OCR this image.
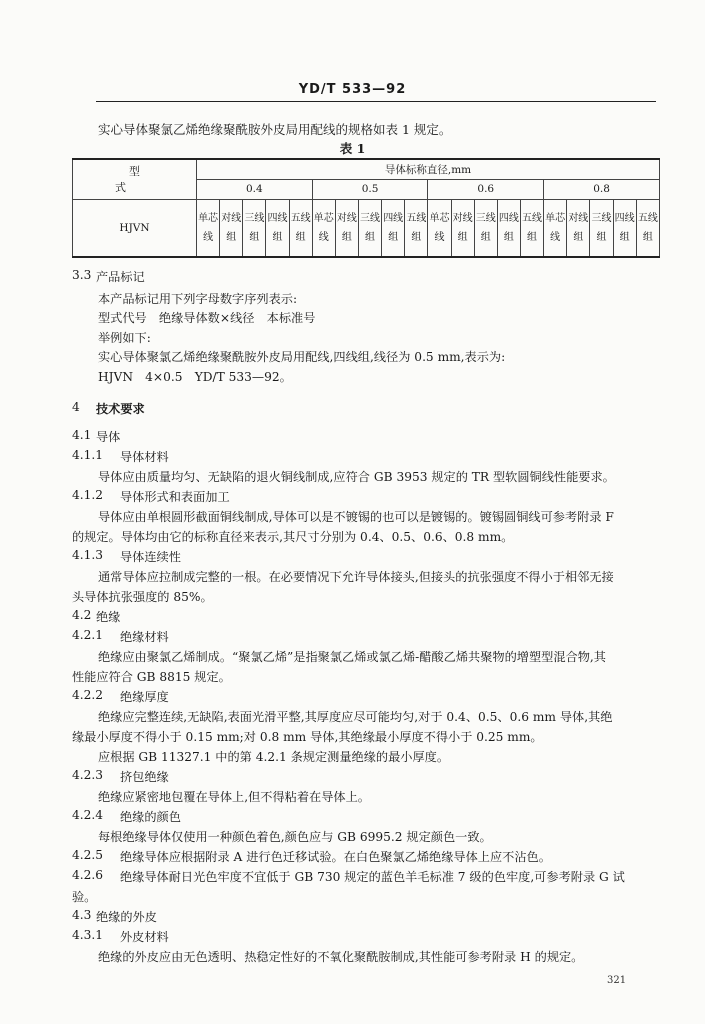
YD/T 533—92
实心导体聚氯乙烯绝缘聚酰胺外皮局用配线的规格如表 1 规定。
表 1
型　式	导体标称直径,mm																			
	0.4					0.5					0.6					0.8				
HJVN	单芯线	对线组	三线组	四线组	五线组	单芯线	对线组	三线组	四线组	五线组	单芯线	对线组	三线组	四线组	五线组	单芯线	对线组	三线组	四线组	五线组
3.3 产品标记
本产品标记用下列字母数字序列表示:
型式代号　绝缘导体数×线径　本标准号
举例如下:
实心导体聚氯乙烯绝缘聚酰胺外皮局用配线,四线组,线径为 0.5 mm,表示为:
HJVN　4×0.5　YD/T 533—92。
4 技术要求
4.1 导体
4.1.1 导体材料
导体应由质量均匀、无缺陷的退火铜线制成,应符合 GB 3953 规定的 TR 型软圆铜线性能要求。
4.1.2 导体形式和表面加工
导体应由单根圆形截面铜线制成,导体可以是不镀锡的也可以是镀锡的。镀锡圆铜线可参考附录 F
的规定。导体均由它的标称直径来表示,其尺寸分别为 0.4、0.5、0.6、0.8 mm。
4.1.3 导体连续性
通常导体应拉制成完整的一根。在必要情况下允许导体接头,但接头的抗张强度不得小于相邻无接
头导体抗张强度的 85%。
4.2 绝缘
4.2.1 绝缘材料
绝缘应由聚氯乙烯制成。“聚氯乙烯”是指聚氯乙烯或氯乙烯-醋酸乙烯共聚物的增塑型混合物,其
性能应符合 GB 8815 规定。
4.2.2 绝缘厚度
绝缘应完整连续,无缺陷,表面光滑平整,其厚度应尽可能均匀,对于 0.4、0.5、0.6 mm 导体,其绝
缘最小厚度不得小于 0.15 mm;对 0.8 mm 导体,其绝缘最小厚度不得小于 0.25 mm。
应根据 GB 11327.1 中的第 4.2.1 条规定测量绝缘的最小厚度。
4.2.3 挤包绝缘
绝缘应紧密地包覆在导体上,但不得粘着在导体上。
4.2.4 绝缘的颜色
每根绝缘导体仅使用一种颜色着色,颜色应与 GB 6995.2 规定颜色一致。
4.2.5 绝缘导体应根据附录 A 进行色迁移试验。在白色聚氯乙烯绝缘导体上应不沾色。
4.2.6 绝缘导体耐日光色牢度不宜低于 GB 730 规定的蓝色羊毛标准 7 级的色牢度,可参考附录 G 试
验。
4.3 绝缘的外皮
4.3.1 外皮材料
绝缘的外皮应由无色透明、热稳定性好的不氧化聚酰胺制成,其性能可参考附录 H 的规定。
321
